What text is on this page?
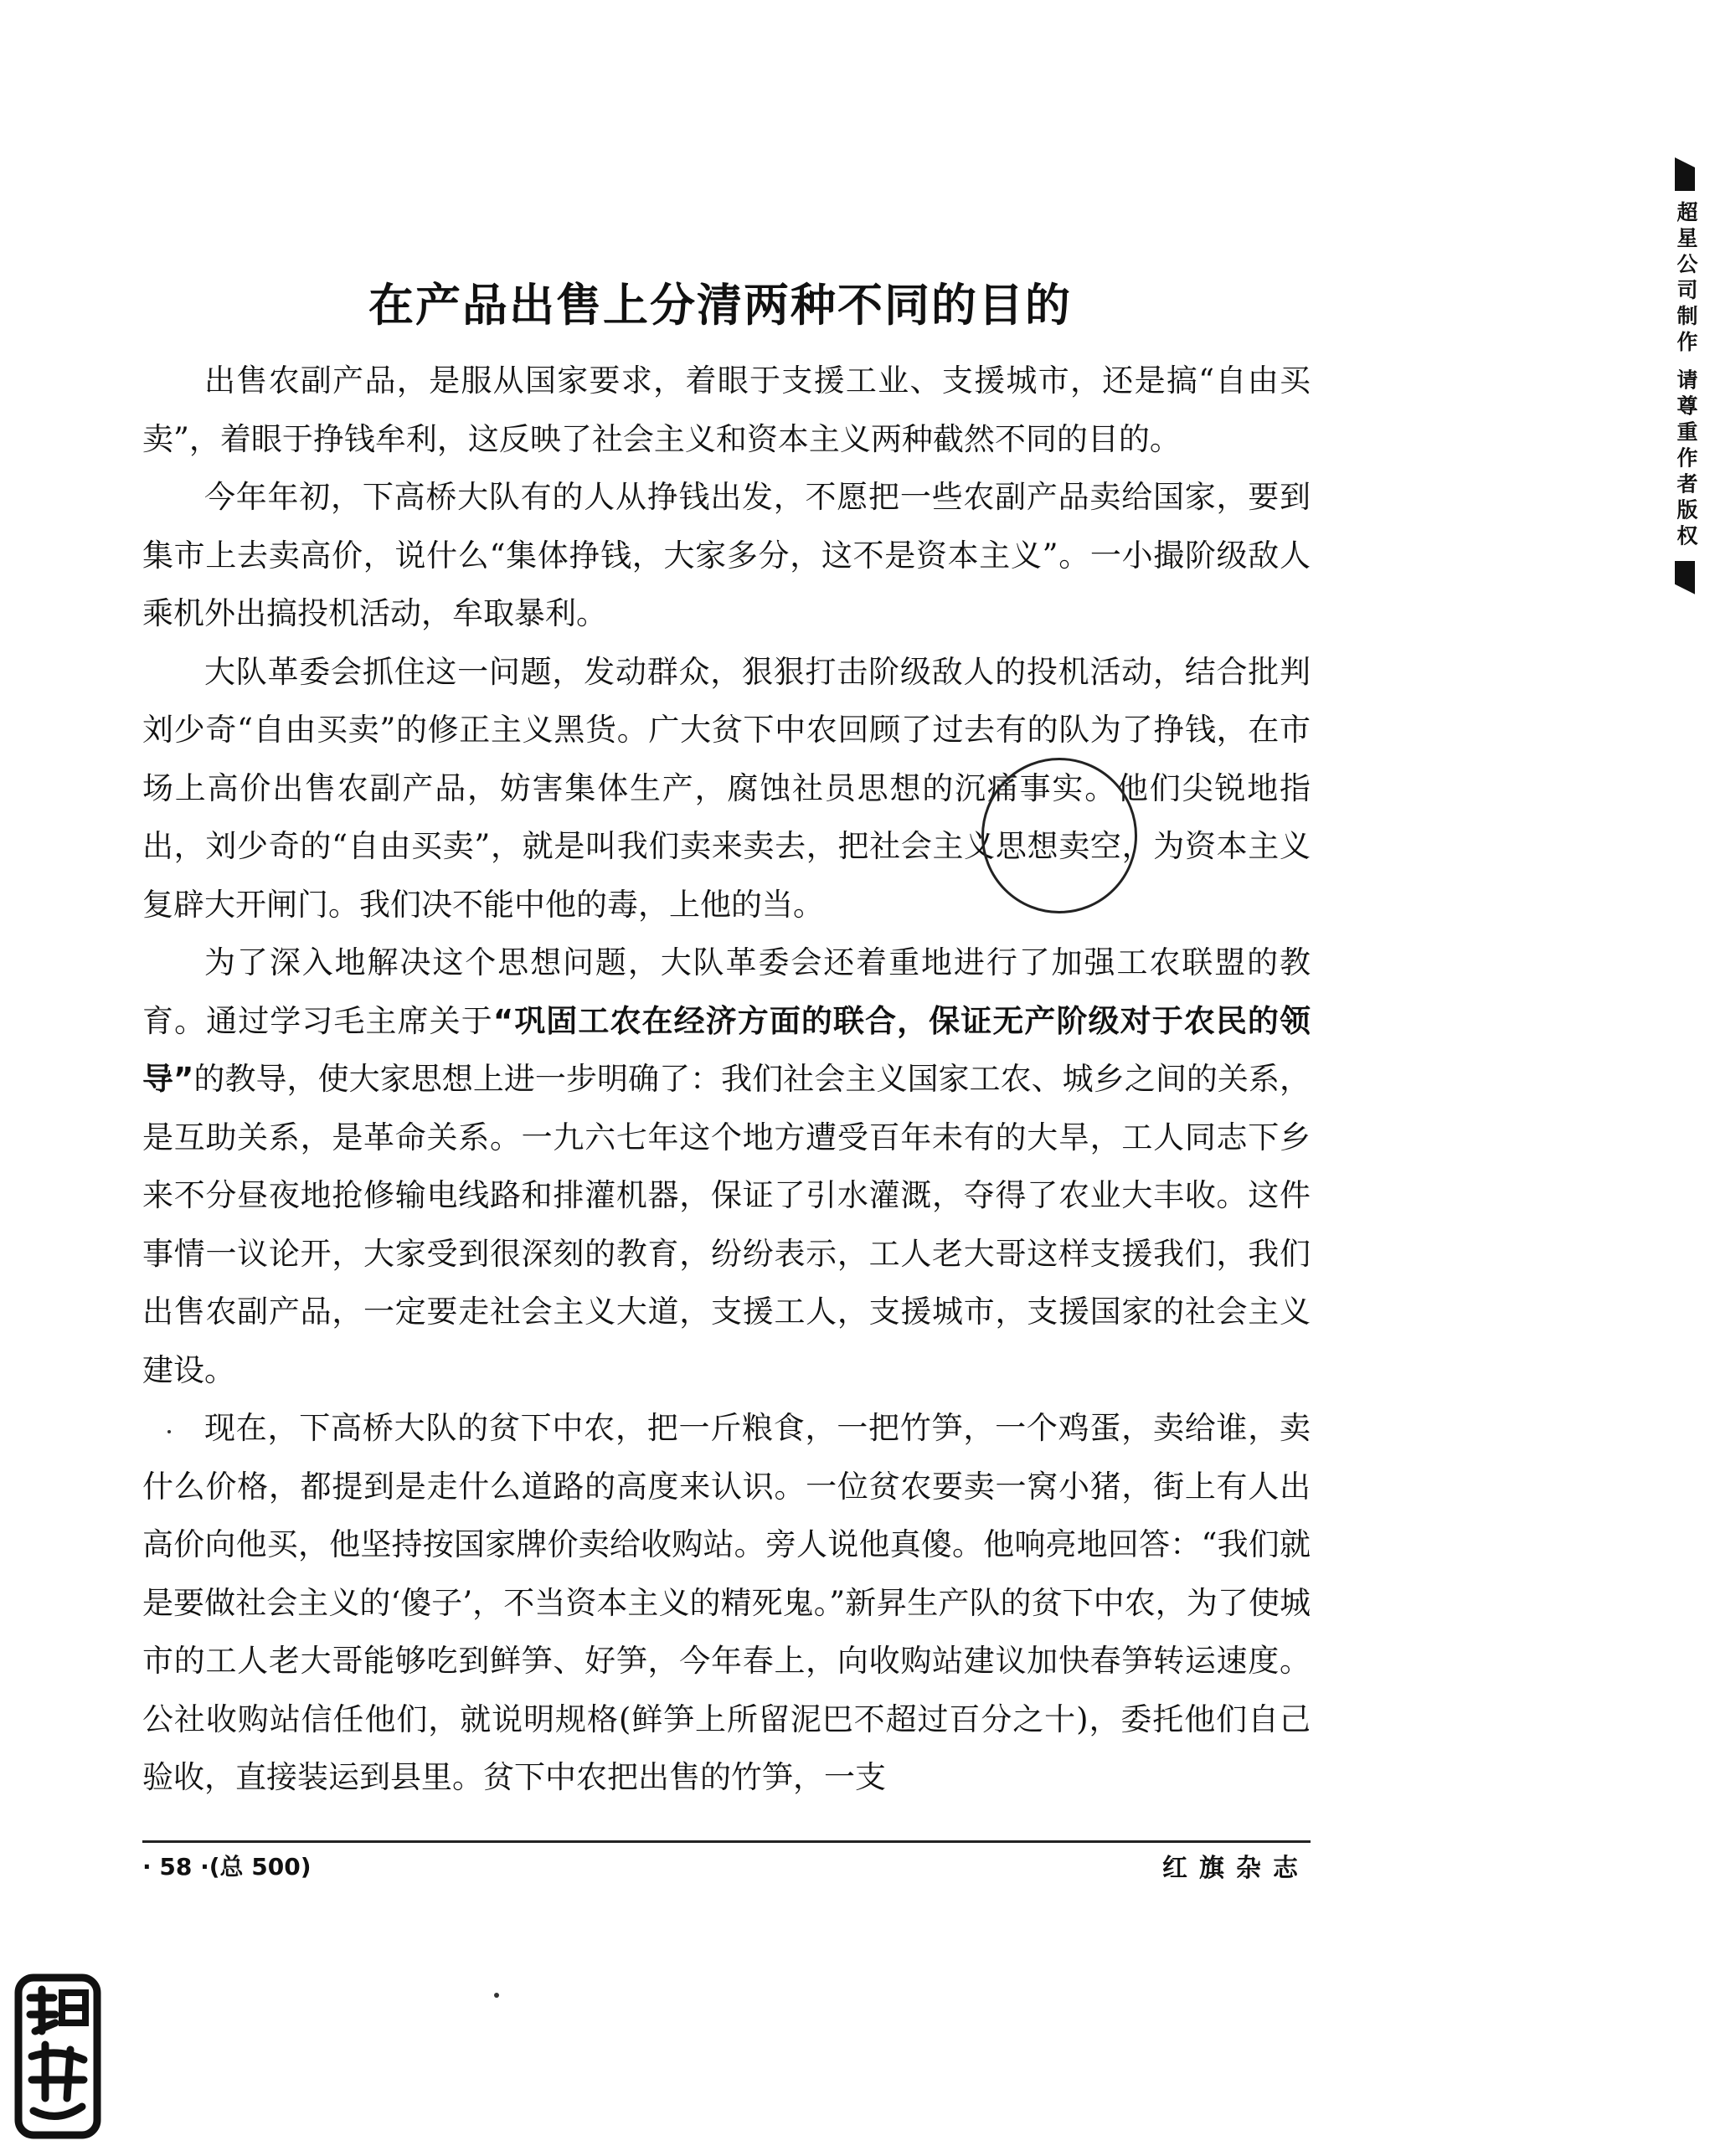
在产品出售上分清两种不同的目的

出售农副产品，是服从国家要求，着眼于支援工业、支援城市，还是搞“自由买卖”，着眼于挣钱牟利，这反映了社会主义和资本主义两种截然不同的目的。

今年年初，下高桥大队有的人从挣钱出发，不愿把一些农副产品卖给国家，要到集市上去卖高价，说什么“集体挣钱，大家多分，这不是资本主义”。一小撮阶级敌人乘机外出搞投机活动，牟取暴利。

大队革委会抓住这一问题，发动群众，狠狠打击阶级敌人的投机活动，结合批判刘少奇“自由买卖”的修正主义黑货。广大贫下中农回顾了过去有的队为了挣钱，在市场上高价出售农副产品，妨害集体生产，腐蚀社员思想的沉痛事实。他们尖锐地指出，刘少奇的“自由买卖”，就是叫我们卖来卖去，把社会主义思想卖空，为资本主义复辟大开闸门。我们决不能中他的毒，上他的当。

为了深入地解决这个思想问题，大队革委会还着重地进行了加强工农联盟的教育。通过学习毛主席关于“巩固工农在经济方面的联合，保证无产阶级对于农民的领导”的教导，使大家思想上进一步明确了：我们社会主义国家工农、城乡之间的关系，是互助关系，是革命关系。一九六七年这个地方遭受百年未有的大旱，工人同志下乡来不分昼夜地抢修输电线路和排灌机器，保证了引水灌溉，夺得了农业大丰收。这件事情一议论开，大家受到很深刻的教育，纷纷表示，工人老大哥这样支援我们，我们出售农副产品，一定要走社会主义大道，支援工人，支援城市，支援国家的社会主义建设。

现在，下高桥大队的贫下中农，把一斤粮食，一把竹笋，一个鸡蛋，卖给谁，卖什么价格，都提到是走什么道路的高度来认识。一位贫农要卖一窝小猪，街上有人出高价向他买，他坚持按国家牌价卖给收购站。旁人说他真傻。他响亮地回答：“我们就是要做社会主义的‘傻子’，不当资本主义的精死鬼。”新昇生产队的贫下中农，为了使城市的工人老大哥能够吃到鲜笋、好笋，今年春上，向收购站建议加快春笋转运速度。公社收购站信任他们，就说明规格(鲜笋上所留泥巴不超过百分之十)，委托他们自己验收，直接装运到县里。贫下中农把出售的竹笋，一支

· 58 ·(总 500)	红旗杂志
超星公司制作 请尊重作者版权
